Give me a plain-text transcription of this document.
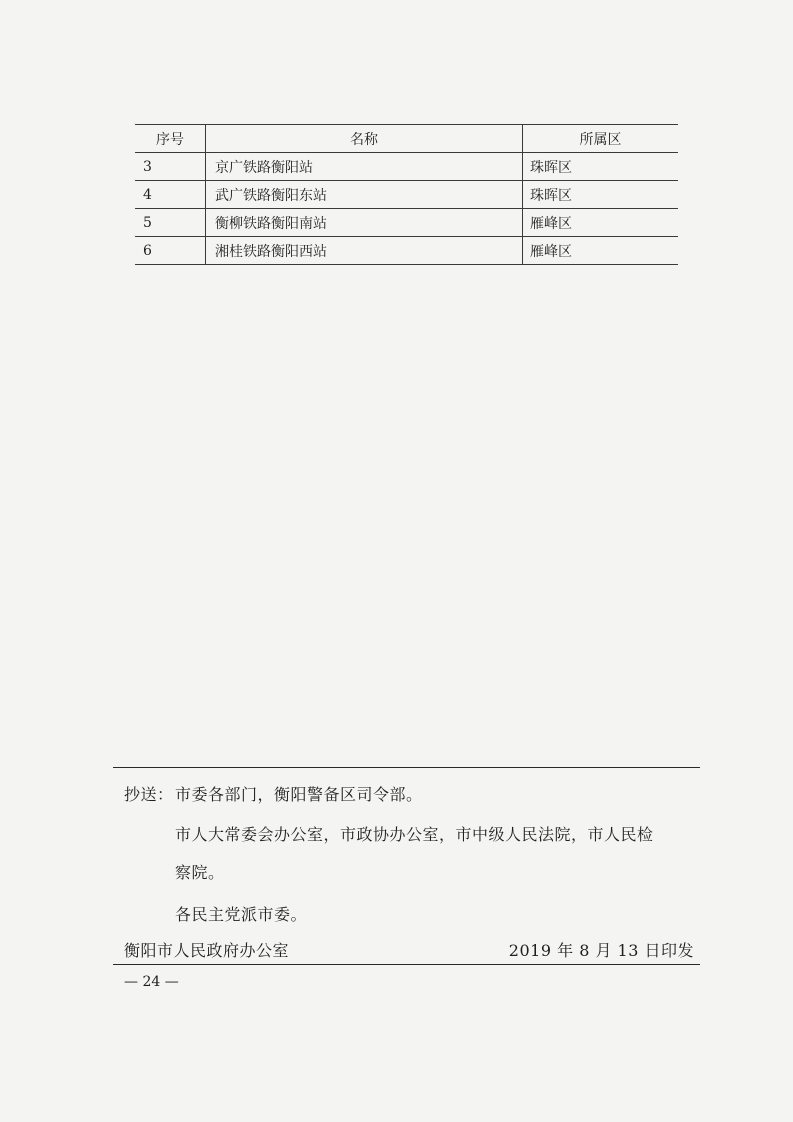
序号	名称	所属区
3	京广铁路衡阳站	珠晖区
4	武广铁路衡阳东站	珠晖区
5	衡柳铁路衡阳南站	雁峰区
6	湘桂铁路衡阳西站	雁峰区
抄送： 市委各部门，衡阳警备区司令部。
市人大常委会办公室，市政协办公室，市中级人民法院，市人民检
察院。
各民主党派市委。
衡阳市人民政府办公室	2019 年 8 月 13 日印发
— 24 —
